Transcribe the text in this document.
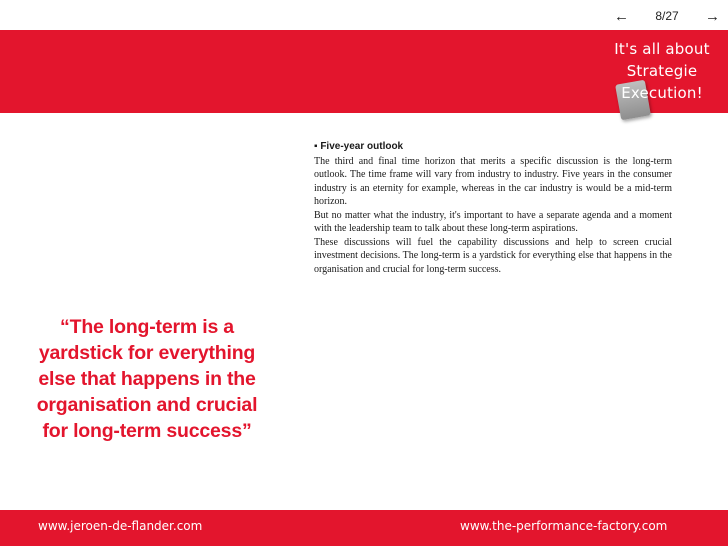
← 8/27 →
It's all about
Strategie
Execution!
▪ Five-year outlook

The third and final time horizon that merits a specific discussion is the long-term outlook. The time frame will vary from industry to industry. Five years in the consumer industry is an eternity for example, whereas in the car industry is would be a mid-term horizon.

But no matter what the industry, it's important to have a separate agenda and a moment with the leadership team to talk about these long-term aspirations.

These discussions will fuel the capability discussions and help to screen crucial investment decisions. The long-term is a yardstick for everything else that happens in the organisation and crucial for long-term success.

“The long-term is a yardstick for everything else that happens in the organisation and crucial for long-term success”
www.jeroen-de-flander.com	www.the-performance-factory.com
